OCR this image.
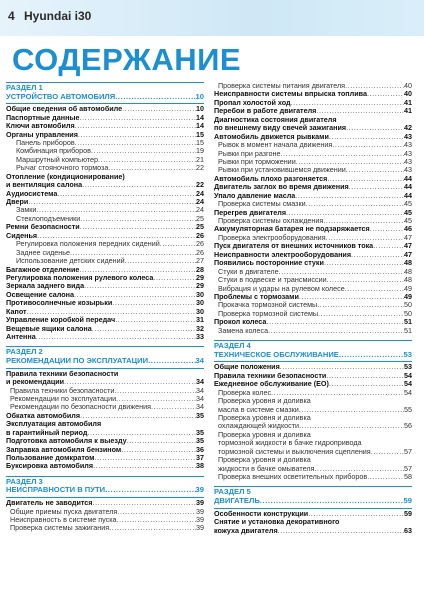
4 Hyundai i30
СОДЕРЖАНИЕ
РАЗДЕЛ 1
УСТРОЙСТВО АВТОМОБИЛЯ .....	10
Общие сведения об автомобиле .....	10
Паспортные данные .....	14
Ключи автомобиля .....	14
Органы управления .....	15
Панель приборов .....	15
Комбинация приборов .....	19
Маршрутный компьютер .....	21
Рычаг стояночного тормоза .....	22
Отопление (кондиционирование)
и вентиляция салона .....	22
Аудиосистема .....	24
Двери .....	24
Замки .....	24
Стеклоподъемники .....	25
Ремни безопасности .....	25
Сиденья .....	26
Регулировка положения передних сидений .....	26
Заднее сиденье .....	26
Использование детских сидений .....	27
Багажное отделение .....	28
Регулировка положения рулевого колеса .....	29
Зеркала заднего вида .....	29
Освещение салона .....	30
Противосолнечные козырьки .....	30
Капот .....	30
Управление коробкой передач .....	31
Вещевые ящики салона .....	32
Антенна .....	33
РАЗДЕЛ 2
РЕКОМЕНДАЦИИ ПО ЭКСПЛУАТАЦИИ .....	34
Правила техники безопасности
и рекомендации .....	34
Правила техники безопасности .....	34
Рекомендации по эксплуатации .....	34
Рекомендации по безопасности движения .....	34
Обкатка автомобиля .....	35
Эксплуатация автомобиля
в гарантийный период .....	35
Подготовка автомобиля к выезду .....	35
Заправка автомобиля бензином .....	36
Пользование домкратом .....	37
Буксировка автомобиля .....	38
РАЗДЕЛ 3
НЕИСПРАВНОСТИ В ПУТИ .....	39
Двигатель не заводится .....	39
Общие приемы пуска двигателя .....	39
Неисправность в системе пуска .....	39
Проверка системы зажигания .....	39
Проверка системы питания двигателя .....	40
Неисправности системы впрыска топлива .....	40
Пропал холостой ход .....	41
Перебои в работе двигателя .....	41
Диагностика состояния двигателя
по внешнему виду свечей зажигания .....	42
Автомобиль движется рывками .....	43
Рывок в момент начала движения .....	43
Рывки при разгоне .....	43
Рывки при торможении .....	43
Рывки при установившемся движении .....	43
Автомобиль плохо разгоняется .....	44
Двигатель заглох во время движения .....	44
Упало давление масла .....	44
Проверка системы смазки .....	45
Перегрев двигателя .....	45
Проверка системы охлаждения .....	45
Аккумуляторная батарея не подзаряжается .....	46
Проверка электрооборудования .....	47
Пуск двигателя от внешних источников тока .....	47
Неисправности электрооборудования .....	47
Появились посторонние стуки .....	48
Стуки в двигателе .....	48
Стуки в подвеске и трансмиссии .....	48
Вибрация и удары на рулевом колесе .....	49
Проблемы с тормозами .....	49
Прокачка тормозной системы .....	50
Проверка тормозной системы .....	50
Прокол колеса .....	51
Замена колеса .....	51
РАЗДЕЛ 4
ТЕХНИЧЕСКОЕ ОБСЛУЖИВАНИЕ .....	53
Общие положения .....	53
Правила техники безопасности .....	54
Ежедневное обслуживание (ЕО) .....	54
Проверка колес .....	54
Проверка уровня и доливка
масла в системе смазки .....	55
Проверка уровня и доливка
охлаждающей жидкости .....	56
Проверка уровня и доливка
тормозной жидкости в бачке гидропривода
тормозной системы и выключения сцепления .....	57
Проверка уровня и доливка
жидкости в бачке омывателя .....	57
Проверка внешних осветительных приборов .....	58
РАЗДЕЛ 5
ДВИГАТЕЛЬ .....	59
Особенности конструкции .....	59
Снятие и установка декоративного
кожуха двигателя .....	63
